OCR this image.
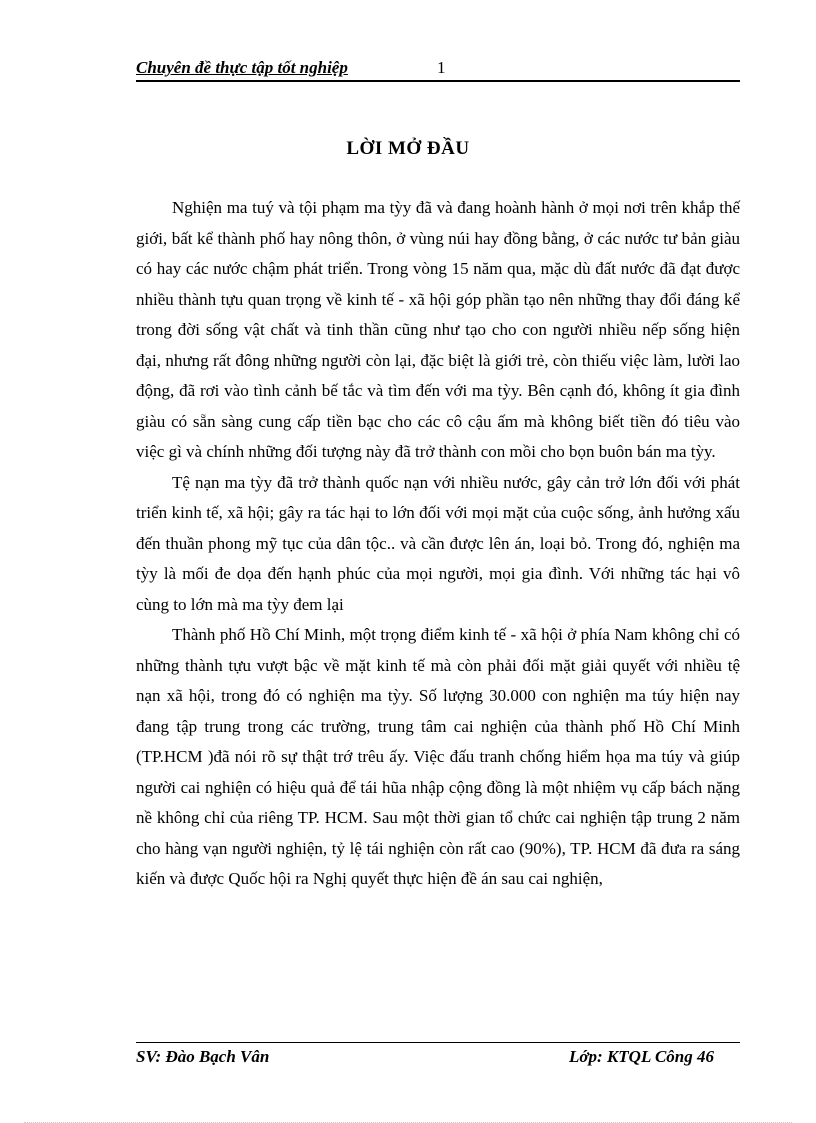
Chuyên đề thực tập tốt nghiệp	1
LỜI MỞ ĐẦU

Nghiện ma tuý và tội phạm ma tỳy đã và đang hoành hành ở mọi nơi trên khắp thế giới, bất kể thành phố hay nông thôn, ở vùng núi hay đồng bằng, ở các nước tư bản giàu có hay các nước chậm phát triển. Trong vòng 15 năm qua, mặc dù đất nước đã đạt được nhiều thành tựu quan trọng về kinh tế - xã hội góp phần tạo nên những thay đổi đáng kể trong đời sống vật chất và tinh thần cũng như tạo cho con người nhiều nếp sống hiện đại, nhưng rất đông những người còn lại, đặc biệt là giới trẻ, còn thiếu việc làm, lười lao động, đã rơi vào tình cảnh bế tắc và tìm đến với ma tỳy. Bên cạnh đó, không ít gia đình giàu có sẵn sàng cung cấp tiền bạc cho các cô cậu ấm mà không biết tiền đó tiêu vào việc gì và chính những đối tượng này đã trở thành con mồi cho bọn buôn bán ma tỳy.

Tệ nạn ma tỳy đã trở thành quốc nạn với nhiều nước, gây cản trở lớn đối với phát triển kinh tế, xã hội; gây ra tác hại to lớn đối với mọi mặt của cuộc sống, ảnh hưởng xấu đến thuần phong mỹ tục của dân tộc.. và cần được lên án, loại bỏ. Trong đó, nghiện ma tỳy là mối đe dọa đến hạnh phúc của mọi người, mọi gia đình. Với những tác hại vô cùng to lớn mà ma tỳy đem lại

Thành phố Hồ Chí Minh, một trọng điểm kinh tế - xã hội ở phía Nam không chỉ có những thành tựu vượt bậc về mặt kinh tế mà còn phải đối mặt giải quyết với nhiều tệ nạn xã hội, trong đó có nghiện ma tỳy. Số lượng 30.000 con nghiện ma túy hiện nay đang tập trung trong các trường, trung tâm cai nghiện của thành phố Hồ Chí Minh (TP.HCM )đã nói rõ sự thật trớ trêu ấy. Việc đấu tranh chống hiểm họa ma túy và giúp người cai nghiện có hiệu quả để tái hũa nhập cộng đồng là một nhiệm vụ cấp bách nặng nề không chỉ của riêng TP. HCM. Sau một thời gian tổ chức cai nghiện tập trung 2 năm cho hàng vạn người nghiện, tỷ lệ tái nghiện còn rất cao (90%), TP. HCM đã đưa ra sáng kiến và được Quốc hội ra Nghị quyết thực hiện đề án sau cai nghiện,

SV: Đào Bạch Vân	Lớp: KTQL Công 46
